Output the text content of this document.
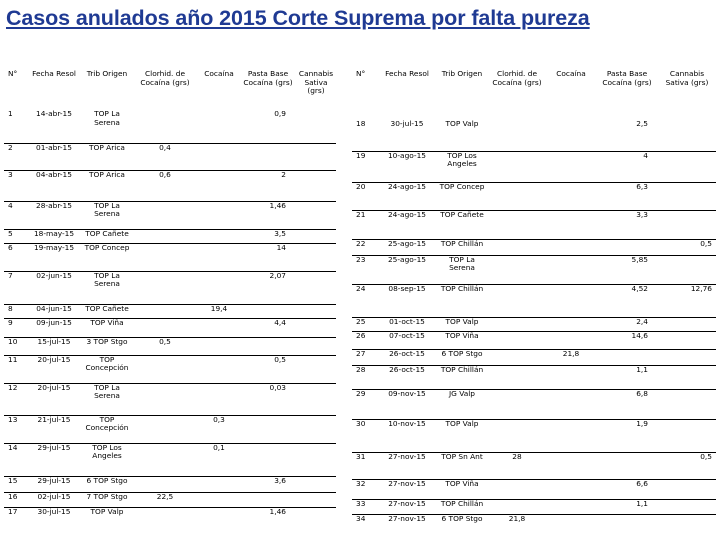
Casos anulados año 2015 Corte Suprema por falta pureza
N°	Fecha Resol	Trib Origen	Clorhid. de Cocaína (grs)	Cocaína	Pasta Base Cocaína (grs)	Cannabis Sativa (grs)
1	14-abr-15	TOP La Serena			0,9	
2	01-abr-15	TOP Arica	0,4			
3	04-abr-15	TOP Arica	0,6		2	
4	28-abr-15	TOP La Serena			1,46	
5	18-may-15	TOP Cañete			3,5	
6	19-may-15	TOP Concep			14	
7	02-jun-15	TOP La Serena			2,07	
8	04-jun-15	TOP Cañete		19,4		
9	09-jun-15	TOP Viña			4,4	
10	15-jul-15	3 TOP Stgo	0,5			
11	20-jul-15	TOP Concepción			0,5	
12	20-jul-15	TOP La Serena			0,03	
13	21-jul-15	TOP Concepción		0,3		
14	29-jul-15	TOP Los Angeles		0,1		
15	29-jul-15	6 TOP Stgo			3,6	
16	02-jul-15	7 TOP Stgo	22,5			
17	30-jul-15	TOP Valp			1,46	
N°	Fecha Resol	Trib Origen	Clorhid. de Cocaína (grs)	Cocaína	Pasta Base Cocaína (grs)	Cannabis Sativa (grs)
18	30-jul-15	TOP Valp			2,5	
19	10-ago-15	TOP Los Angeles			4	
20	24-ago-15	TOP Concep			6,3	
21	24-ago-15	TOP Cañete			3,3	
22	25-ago-15	TOP Chillán				0,5
23	25-ago-15	TOP La Serena			5,85	
24	08-sep-15	TOP Chillán			4,52	12,76
25	01-oct-15	TOP Valp			2,4	
26	07-oct-15	TOP Viña			14,6	
27	26-oct-15	6 TOP Stgo		21,8		
28	26-oct-15	TOP Chillán			1,1	
29	09-nov-15	JG Valp			6,8	
30	10-nov-15	TOP Valp			1,9	
31	27-nov-15	TOP Sn Ant	28			0,5
32	27-nov-15	TOP Viña			6,6	
33	27-nov-15	TOP Chillán			1,1	
34	27-nov-15	6 TOP Stgo	21,8			
